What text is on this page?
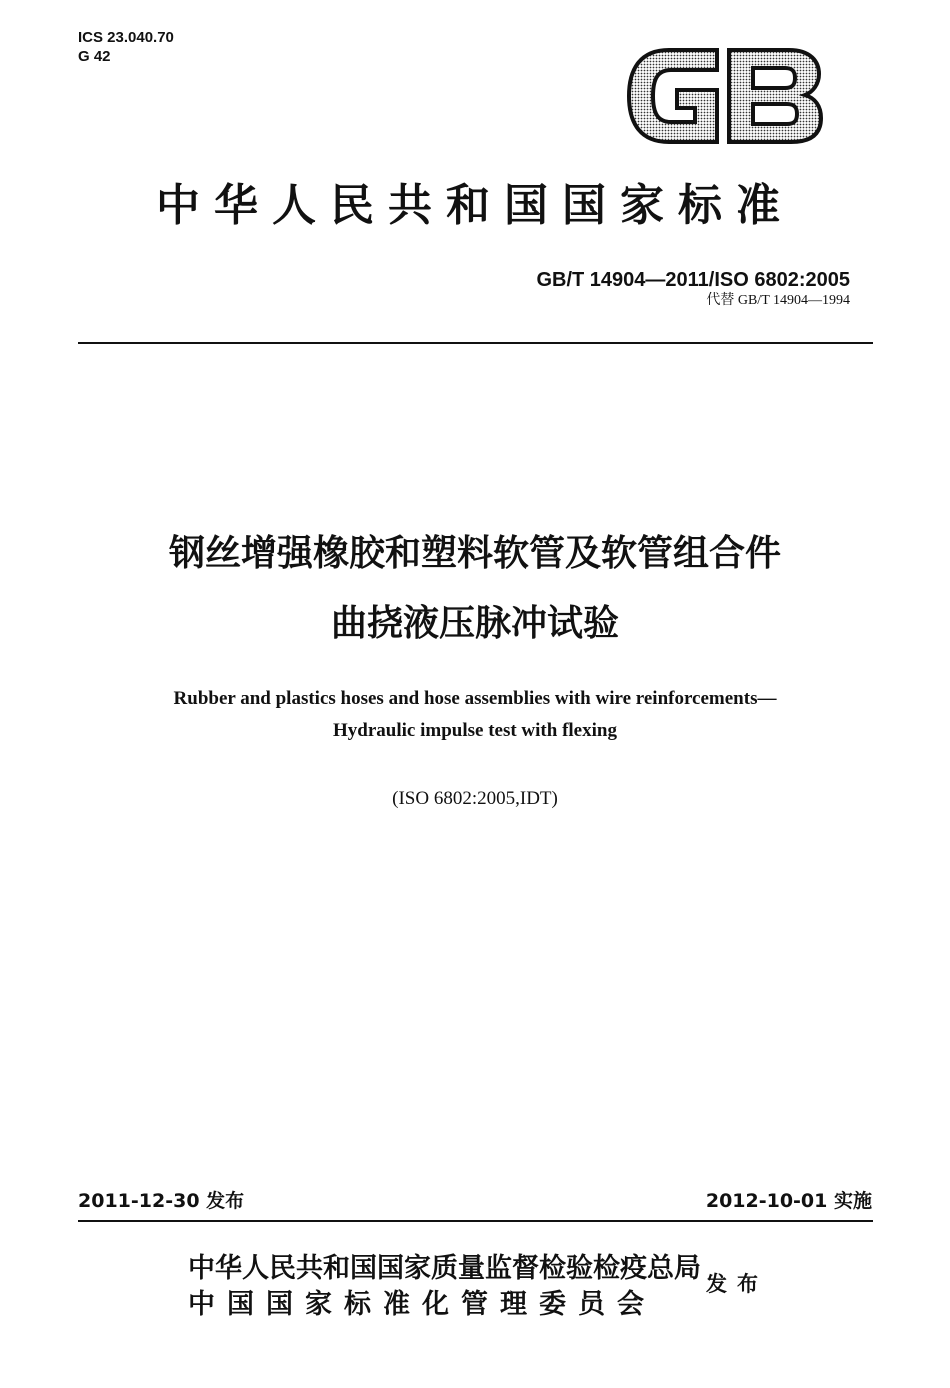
ICS 23.040.70
G 42
中华人民共和国国家标准
GB/T 14904—2011/ISO 6802:2005
代替 GB/T 14904—1994
钢丝增强橡胶和塑料软管及软管组合件
曲挠液压脉冲试验
Rubber and plastics hoses and hose assemblies with wire reinforcements—
Hydraulic impulse test with flexing
(ISO 6802:2005,IDT)
2011-12-30 发布	2012-10-01 实施
中华人民共和国国家质量监督检验检疫总局
中国国家标准化管理委员会
发布
